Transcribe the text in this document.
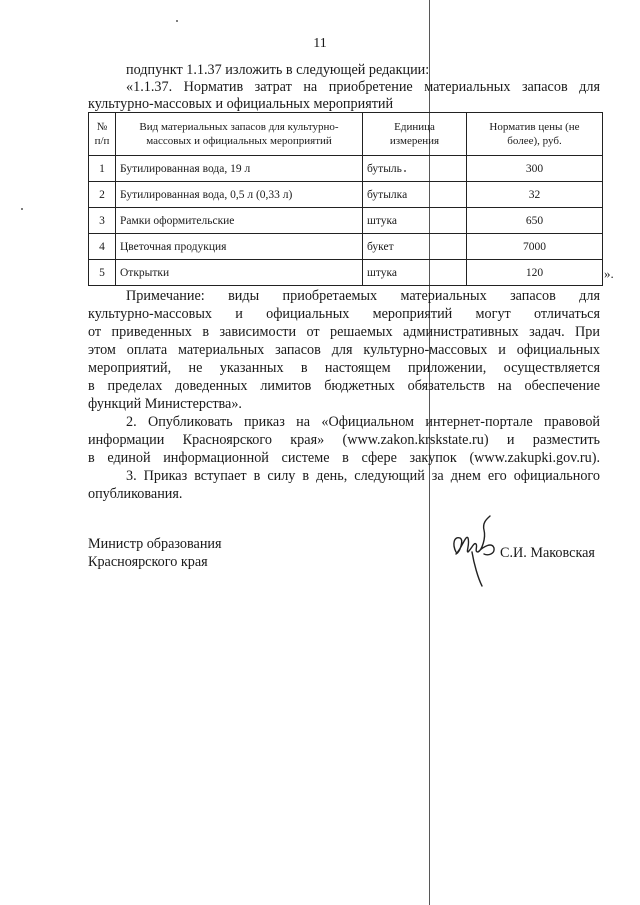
11
подпункт 1.1.37 изложить в следующей редакции:
«1.1.37. Норматив затрат на приобретение материальных запасов для
культурно-массовых и официальных мероприятий
№
п/п	Вид материальных запасов для культурно-
массовых и официальных мероприятий	Единица
измерения	Норматив цены (не
более), руб.
1	Бутилированная вода, 19 л	бутыль	300
2	Бутилированная вода, 0,5 л (0,33 л)	бутылка	32
3	Рамки оформительские	штука	650
4	Цветочная продукция	букет	7000
5	Открытки	штука	120	».
Примечание: виды приобретаемых материальных запасов для
культурно-массовых и официальных мероприятий могут отличаться
от приведенных в зависимости от решаемых административных задач. При
этом оплата материальных запасов для культурно-массовых и официальных
мероприятий, не указанных в настоящем приложении, осуществляется
в пределах доведенных лимитов бюджетных обязательств на обеспечение
функций Министерства».
2. Опубликовать приказ на «Официальном интернет-портале правовой
информации Красноярского края» (www.zakon.krskstate.ru) и разместить
в единой информационной системе в сфере закупок (www.zakupki.gov.ru).
3. Приказ вступает в силу в день, следующий за днем его официального
опубликования.
Министр образования
Красноярского края
С.И. Маковская
